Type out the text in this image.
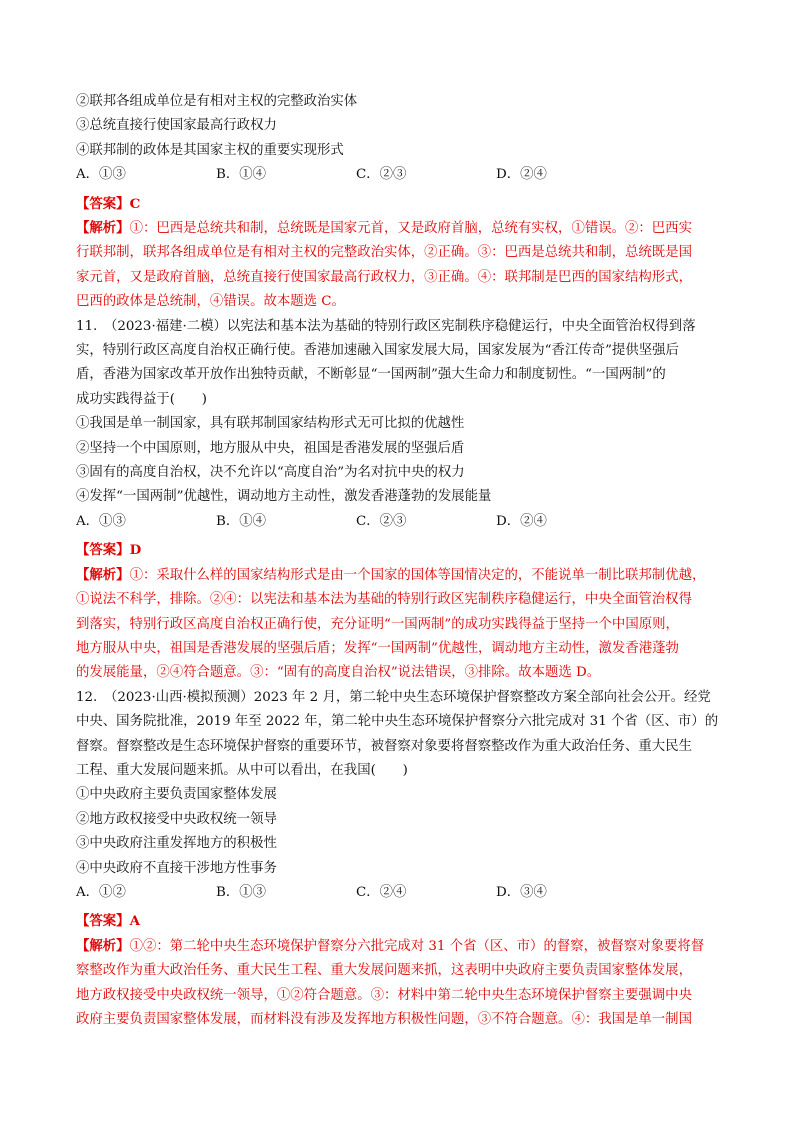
②联邦各组成单位是有相对主权的完整政治实体
③总统直接行使国家最高行政权力
④联邦制的政体是其国家主权的重要实现形式
A．①③	B．①④	C．②③	D．②④
【答案】C
【解析】①：巴西是总统共和制，总统既是国家元首，又是政府首脑，总统有实权，①错误。②：巴西实
行联邦制，联邦各组成单位是有相对主权的完整政治实体，②正确。③：巴西是总统共和制，总统既是国
家元首，又是政府首脑，总统直接行使国家最高行政权力，③正确。④：联邦制是巴西的国家结构形式，
巴西的政体是总统制，④错误。故本题选 C。
11.　（2023·福建·二模）以宪法和基本法为基础的特别行政区宪制秩序稳健运行，中央全面管治权得到落
实，特别行政区高度自治权正确行使。香港加速融入国家发展大局，国家发展为“香江传奇”提供坚强后
盾，香港为国家改革开放作出独特贡献，不断彰显“一国两制”强大生命力和制度韧性。“一国两制”的
成功实践得益于(　　)
①我国是单一制国家，具有联邦制国家结构形式无可比拟的优越性
②坚持一个中国原则，地方服从中央，祖国是香港发展的坚强后盾
③固有的高度自治权，决不允许以“高度自治”为名对抗中央的权力
④发挥“一国两制”优越性，调动地方主动性，激发香港蓬勃的发展能量
A．①③	B．①④	C．②③	D．②④
【答案】D
【解析】①：采取什么样的国家结构形式是由一个国家的国体等国情决定的，不能说单一制比联邦制优越，
①说法不科学，排除。②④：以宪法和基本法为基础的特别行政区宪制秩序稳健运行，中央全面管治权得
到落实，特别行政区高度自治权正确行使，充分证明“一国两制”的成功实践得益于坚持一个中国原则，
地方服从中央，祖国是香港发展的坚强后盾；发挥“一国两制”优越性，调动地方主动性，激发香港蓬勃
的发展能量，②④符合题意。③：“固有的高度自治权”说法错误，③排除。故本题选 D。
12.　（2023·山西·模拟预测）2023 年 2 月，第二轮中央生态环境保护督察整改方案全部向社会公开。经党
中央、国务院批准，2019 年至 2022 年，第二轮中央生态环境保护督察分六批完成对 31 个省（区、市）的
督察。督察整改是生态环境保护督察的重要环节，被督察对象要将督察整改作为重大政治任务、重大民生
工程、重大发展问题来抓。从中可以看出，在我国(　　)
①中央政府主要负责国家整体发展
②地方政权接受中央政权统一领导
③中央政府注重发挥地方的积极性
④中央政府不直接干涉地方性事务
A．①②	B．①③	C．②④	D．③④
【答案】A
【解析】①②：第二轮中央生态环境保护督察分六批完成对 31 个省（区、市）的督察，被督察对象要将督
察整改作为重大政治任务、重大民生工程、重大发展问题来抓，这表明中央政府主要负责国家整体发展，
地方政权接受中央政权统一领导，①②符合题意。③：材料中第二轮中央生态环境保护督察主要强调中央
政府主要负责国家整体发展，而材料没有涉及发挥地方积极性问题，③不符合题意。④：我国是单一制国
